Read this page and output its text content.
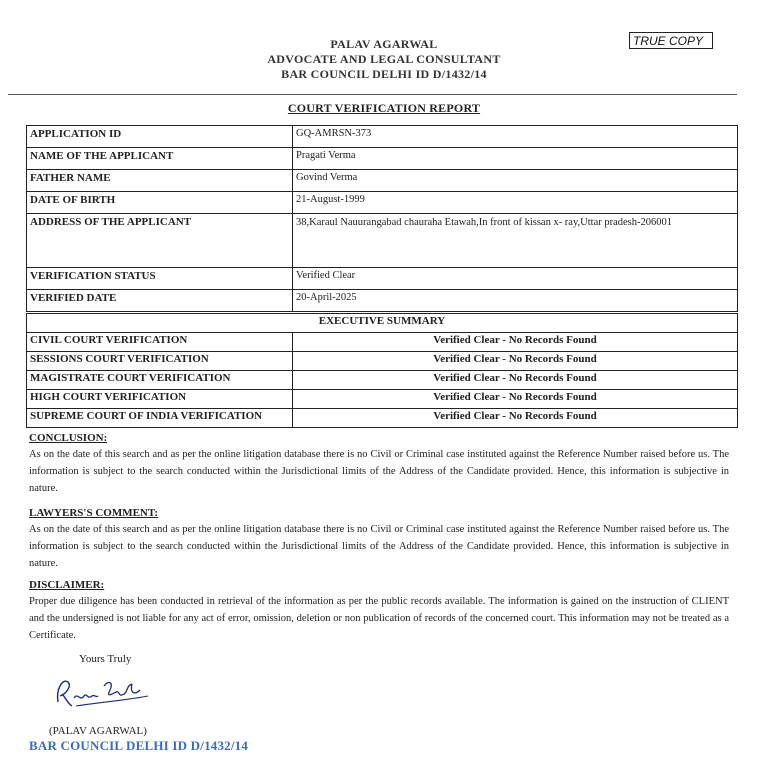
PALAV AGARWAL
ADVOCATE AND LEGAL CONSULTANT
BAR COUNCIL DELHI ID D/1432/14
TRUE COPY
COURT VERIFICATION REPORT
APPLICATION ID	GQ-AMRSN-373
NAME OF THE APPLICANT	Pragati Verma
FATHER NAME	Govind Verma
DATE OF BIRTH	21-August-1999
ADDRESS OF THE APPLICANT	38,Karaul Nauurangabad chauraha Etawah,In front of kissan x- ray,Uttar pradesh-206001
VERIFICATION STATUS	Verified Clear
VERIFIED DATE	20-April-2025
EXECUTIVE SUMMARY	
CIVIL COURT VERIFICATION	Verified Clear - No Records Found
SESSIONS COURT VERIFICATION	Verified Clear - No Records Found
MAGISTRATE COURT VERIFICATION	Verified Clear - No Records Found
HIGH COURT VERIFICATION	Verified Clear - No Records Found
SUPREME COURT OF INDIA VERIFICATION	Verified Clear - No Records Found
CONCLUSION:
As on the date of this search and as per the online litigation database there is no Civil or Criminal case instituted against the Reference Number raised before us. The information is subject to the search conducted within the Jurisdictional limits of the Address of the Candidate provided. Hence, this information is subjective in nature.
LAWYERS'S COMMENT:
As on the date of this search and as per the online litigation database there is no Civil or Criminal case instituted against the Reference Number raised before us. The information is subject to the search conducted within the Jurisdictional limits of the Address of the Candidate provided. Hence, this information is subjective in nature.
DISCLAIMER:
Proper due diligence has been conducted in retrieval of the information as per the public records available. The information is gained on the instruction of CLIENT and the undersigned is not liable for any act of error, omission, deletion or non publication of records of the concerned court. This information may not be treated as a Certificate.
Yours Truly
(PALAV AGARWAL)
BAR COUNCIL DELHI ID D/1432/14
